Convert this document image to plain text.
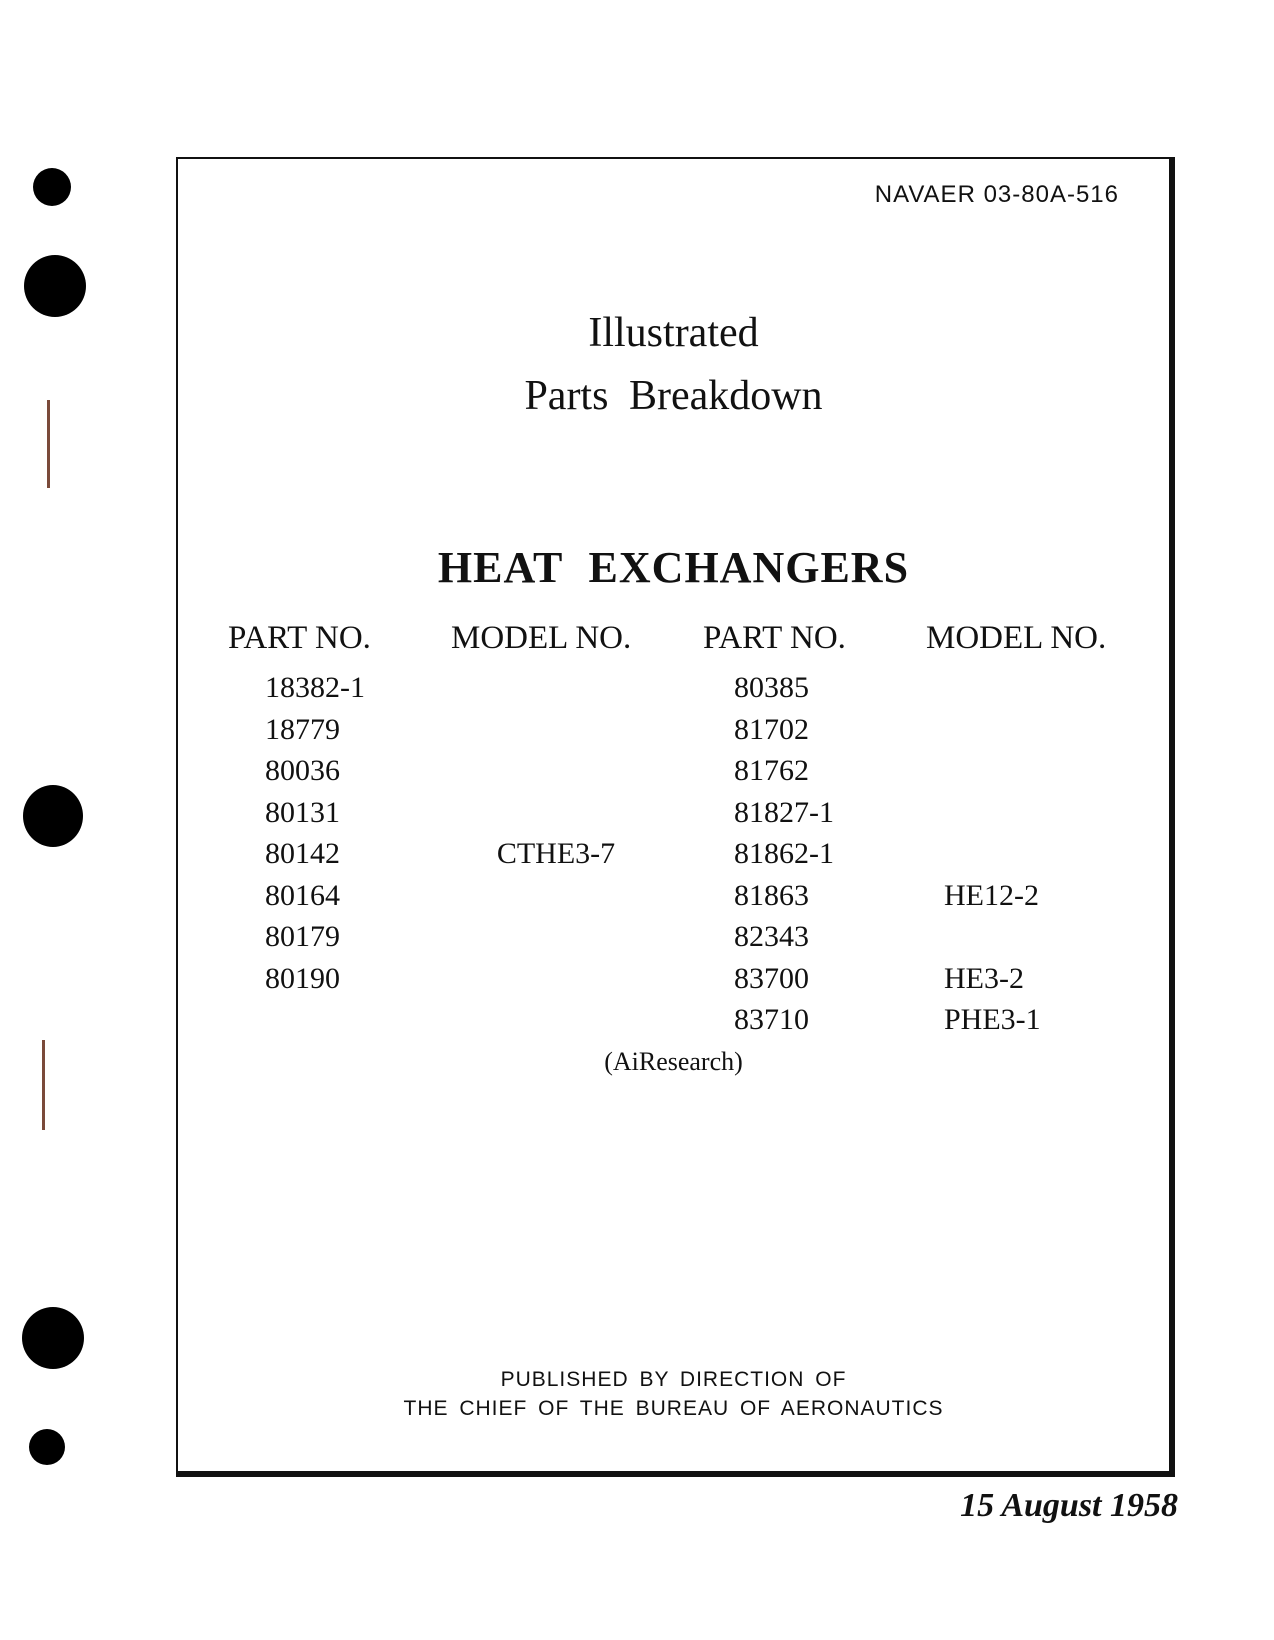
NAVAER 03-80A-516
Illustrated
Parts Breakdown
HEAT EXCHANGERS
PART NO. MODEL NO. PART NO. MODEL NO.
18382-1
18779
80036
80131
80142
80164
80179
80190
CTHE3-7
80385
81702
81762
81827-1
81862-1
81863
82343
83700
83710
HE12-2
HE3-2
PHE3-1
(AiResearch)
PUBLISHED BY DIRECTION OF
THE CHIEF OF THE BUREAU OF AERONAUTICS
15 August 1958
